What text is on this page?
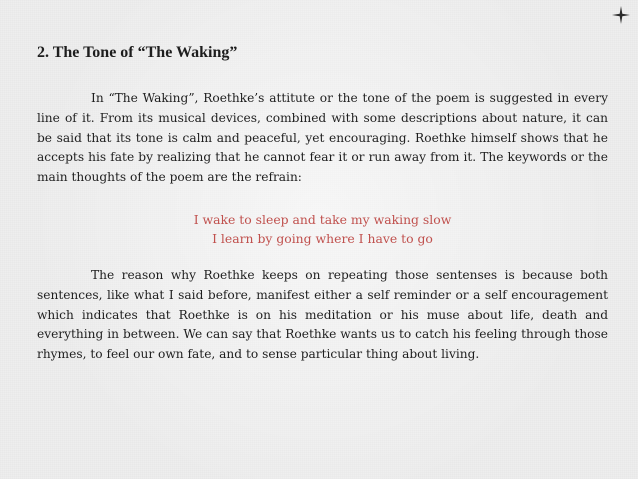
2. The Tone of “The Waking”

In “The Waking”, Roethke’s attitute or the tone of the poem is suggested in every line of it. From its musical devices, combined with some descriptions about nature, it can be said that its tone is calm and peaceful, yet encouraging. Roethke himself shows that he accepts his fate by realizing that he cannot fear it or run away from it. The keywords or the main thoughts of the poem are the refrain:

I wake to sleep and take my waking slow
I learn by going where I have to go

The reason why Roethke keeps on repeating those sentenses is because both sentences, like what I said before, manifest either a self reminder or a self encouragement which indicates that Roethke is on his meditation or his muse about life, death and everything in between. We can say that Roethke wants us to catch his feeling through those rhymes, to feel our own fate, and to sense particular thing about living.
